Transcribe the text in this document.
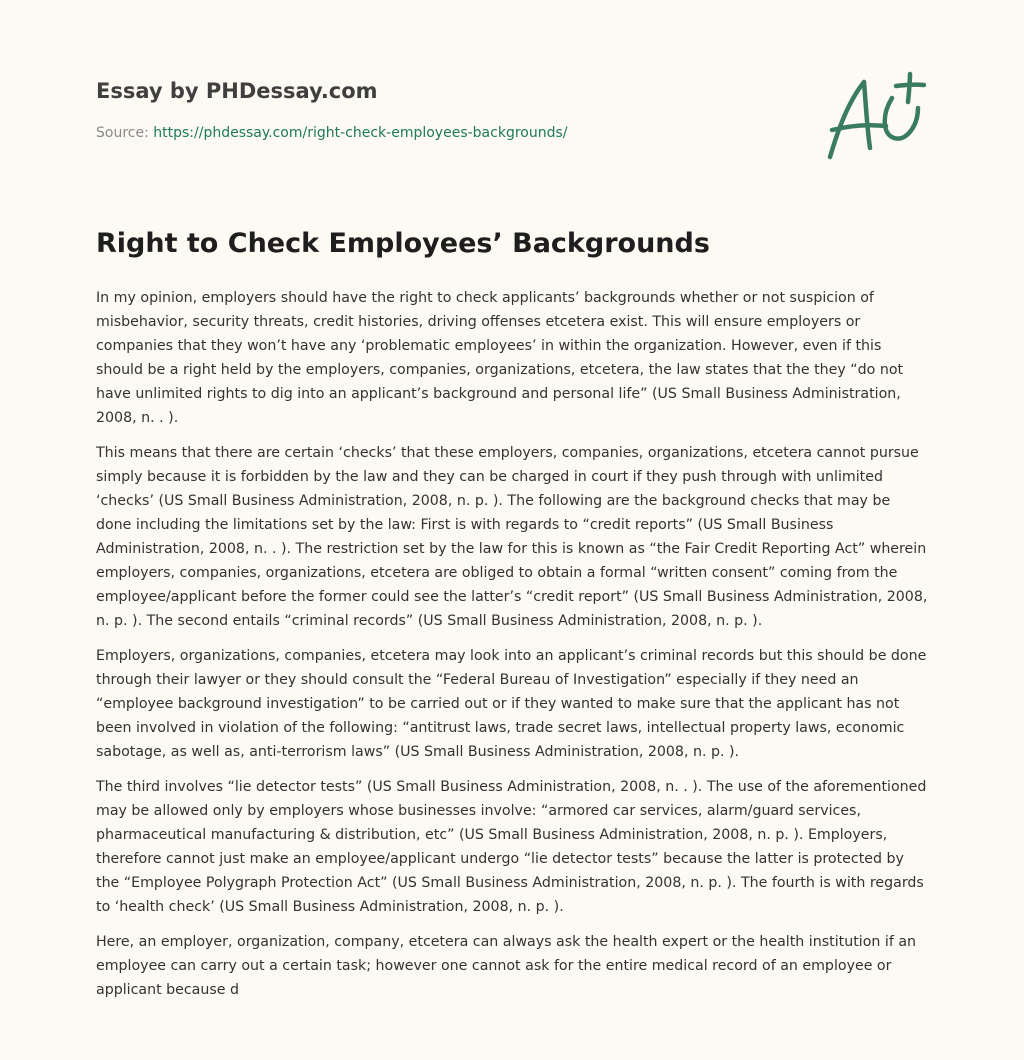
Essay by PHDessay.com
Source: https://phdessay.com/right-check-employees-backgrounds/
Right to Check Employees’ Backgrounds

In my opinion, employers should have the right to check applicants’ backgrounds whether or not suspicion of misbehavior, security threats, credit histories, driving offenses etcetera exist. This will ensure employers or companies that they won’t have any ‘problematic employees’ in within the organization. However, even if this should be a right held by the employers, companies, organizations, etcetera, the law states that the they “do not have unlimited rights to dig into an applicant’s background and personal life” (US Small Business Administration, 2008, n. . ).

This means that there are certain ‘checks’ that these employers, companies, organizations, etcetera cannot pursue simply because it is forbidden by the law and they can be charged in court if they push through with unlimited ‘checks’ (US Small Business Administration, 2008, n. p. ). The following are the background checks that may be done including the limitations set by the law: First is with regards to “credit reports” (US Small Business Administration, 2008, n. . ). The restriction set by the law for this is known as “the Fair Credit Reporting Act” wherein employers, companies, organizations, etcetera are obliged to obtain a formal “written consent” coming from the employee/applicant before the former could see the latter’s “credit report” (US Small Business Administration, 2008, n. p. ). The second entails “criminal records” (US Small Business Administration, 2008, n. p. ).

Employers, organizations, companies, etcetera may look into an applicant’s criminal records but this should be done through their lawyer or they should consult the “Federal Bureau of Investigation” especially if they need an “employee background investigation” to be carried out or if they wanted to make sure that the applicant has not been involved in violation of the following: “antitrust laws, trade secret laws, intellectual property laws, economic sabotage, as well as, anti-terrorism laws” (US Small Business Administration, 2008, n. p. ).

The third involves “lie detector tests” (US Small Business Administration, 2008, n. . ). The use of the aforementioned may be allowed only by employers whose businesses involve: “armored car services, alarm/guard services, pharmaceutical manufacturing & distribution, etc” (US Small Business Administration, 2008, n. p. ). Employers, therefore cannot just make an employee/applicant undergo “lie detector tests” because the latter is protected by the “Employee Polygraph Protection Act” (US Small Business Administration, 2008, n. p. ). The fourth is with regards to ‘health check’ (US Small Business Administration, 2008, n. p. ).

Here, an employer, organization, company, etcetera can always ask the health expert or the health institution if an employee can carry out a certain task; however one cannot ask for the entire medical record of an employee or applicant because d
